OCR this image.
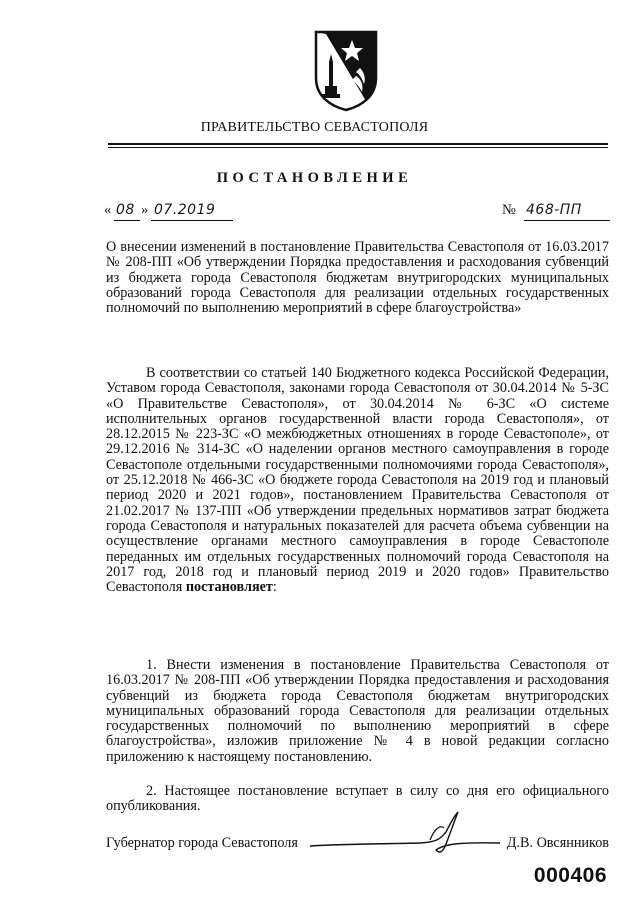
ПРАВИТЕЛЬСТВО СЕВАСТОПОЛЯ
ПОСТАНОВЛЕНИЕ
« 08 » 07.2019	№ 468-ПП
О внесении изменений в постановление Правительства Севастополя от 16.03.2017 № 208-ПП «Об утверждении Порядка предоставления и расходования субвенций из бюджета города Севастополя бюджетам внутригородских муниципальных образований города Севастополя для реализации отдельных государственных полномочий по выполнению мероприятий в сфере благоустройства»
В соответствии со статьей 140 Бюджетного кодекса Российской Федерации, Уставом города Севастополя, законами города Севастополя от 30.04.2014 № 5-ЗС «О Правительстве Севастополя», от 30.04.2014 № 6-ЗС «О системе исполнительных органов государственной власти города Севастополя», от 28.12.2015 № 223-ЗС «О межбюджетных отношениях в городе Севастополе», от 29.12.2016 № 314-ЗС «О наделении органов местного самоуправления в городе Севастополе отдельными государственными полномочиями города Севастополя», от 25.12.2018 № 466-ЗС «О бюджете города Севастополя на 2019 год и плановый период 2020 и 2021 годов», постановлением Правительства Севастополя от 21.02.2017 № 137-ПП «Об утверждении предельных нормативов затрат бюджета города Севастополя и натуральных показателей для расчета объема субвенции на осуществление органами местного самоуправления в городе Севастополе переданных им отдельных государственных полномочий города Севастополя на 2017 год, 2018 год и плановый период 2019 и 2020 годов» Правительство Севастополя постановляет:
1. Внести изменения в постановление Правительства Севастополя от 16.03.2017 № 208-ПП «Об утверждении Порядка предоставления и расходования субвенций из бюджета города Севастополя бюджетам внутригородских муниципальных образований города Севастополя для реализации отдельных государственных полномочий по выполнению мероприятий в сфере благоустройства», изложив приложение № 4 в новой редакции согласно приложению к настоящему постановлению.
2. Настоящее постановление вступает в силу со дня его официального опубликования.
Губернатор города Севастополя	Д.В. Овсянников
000406
